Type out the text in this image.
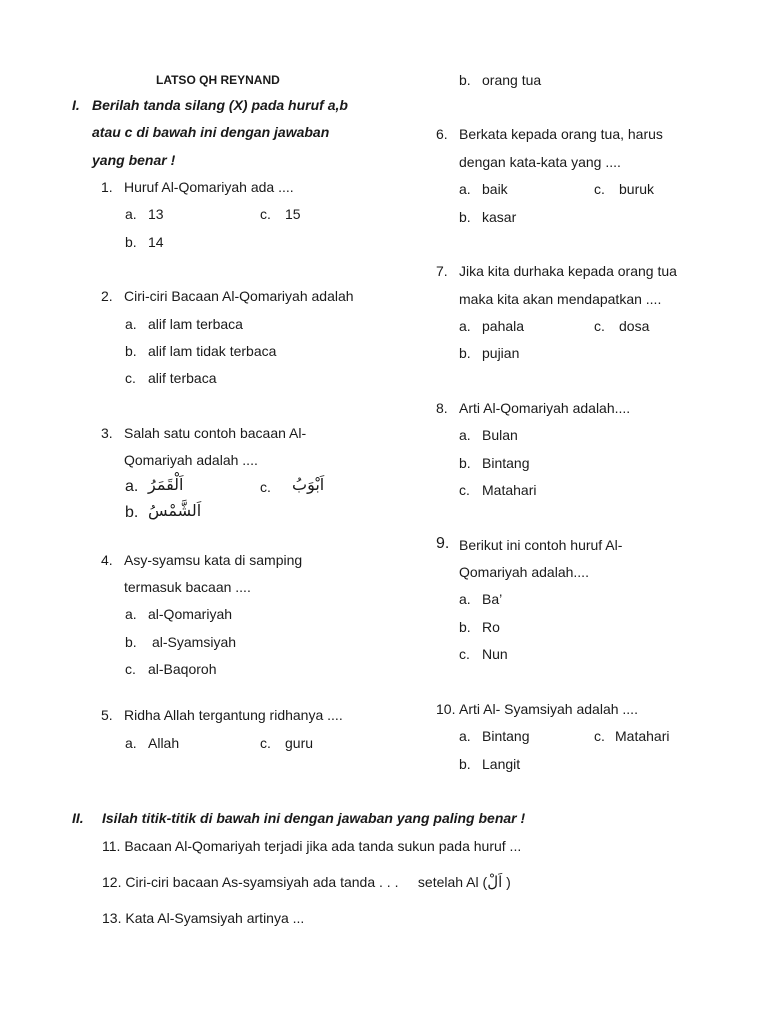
LATSO QH REYNAND
I. Berilah tanda silang (X) pada huruf a,b
atau c di bawah ini dengan jawaban
yang benar !
1. Huruf Al-Qomariyah ada ....
a. 13	c. 15
b. 14
2. Ciri-ciri Bacaan Al-Qomariyah adalah
a. alif lam terbaca
b. alif lam tidak terbaca
c. alif terbaca
3. Salah satu contoh bacaan Al-
Qomariyah adalah ....
a. اَلْقَمَرُ	c. اَبْوَبُ
b. اَلشَّمْسُ
4. Asy-syamsu kata di samping
termasuk bacaan ....
a. al-Qomariyah
b. al-Syamsiyah
c. al-Baqoroh
5. Ridha Allah tergantung ridhanya ....
a. Allah	c. guru
b. orang tua
6. Berkata kepada orang tua, harus
dengan kata-kata yang ....
a. baik	c. buruk
b. kasar
7. Jika kita durhaka kepada orang tua
maka kita akan mendapatkan ....
a. pahala	c. dosa
b. pujian
8. Arti Al-Qomariyah adalah....
a. Bulan
b. Bintang
c. Matahari
9. Berikut ini contoh huruf Al-
Qomariyah adalah....
a. Ba’
b. Ro
c. Nun
10. Arti Al- Syamsiyah adalah ....
a. Bintang	c. Matahari
b. Langit
II. Isilah titik-titik di bawah ini dengan jawaban yang paling benar !
11. Bacaan Al-Qomariyah terjadi jika ada tanda sukun pada huruf ...
12. Ciri-ciri bacaan As-syamsiyah ada tanda . . .     setelah Al (اَلْ )
13. Kata Al-Syamsiyah artinya ...
